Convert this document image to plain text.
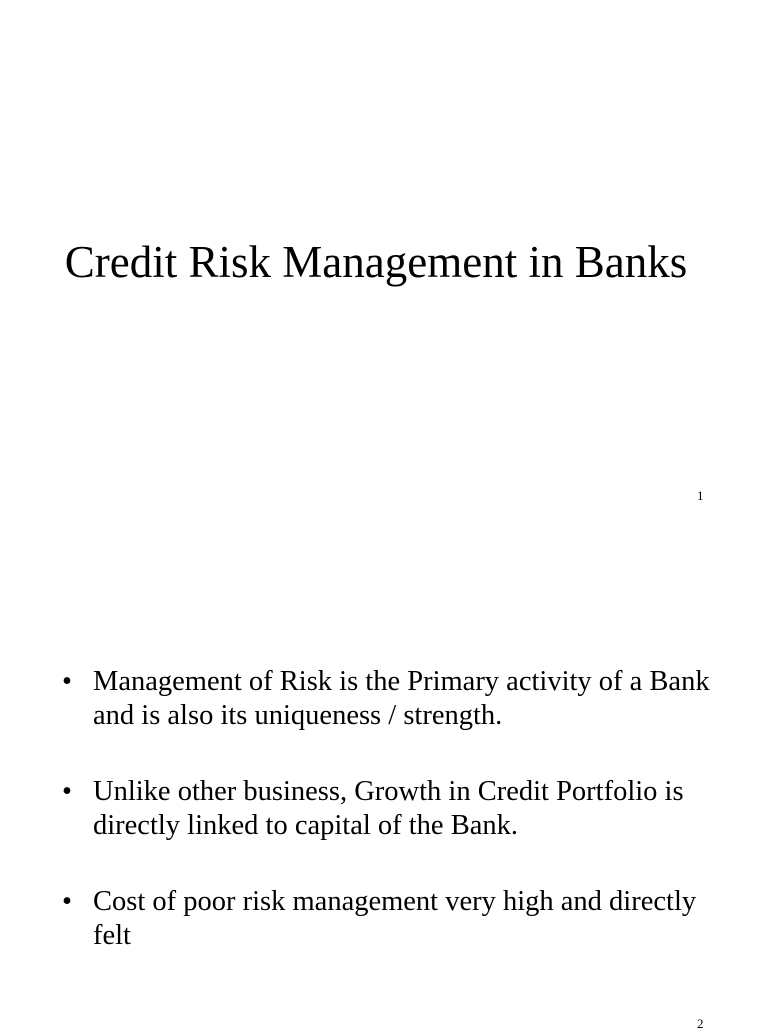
Credit Risk Management in Banks
1
• Management of Risk is the Primary activity of a Bank and is also its uniqueness / strength.
• Unlike other business, Growth in Credit Portfolio is directly linked to capital of the Bank.
• Cost of poor risk management very high and directly felt
2
